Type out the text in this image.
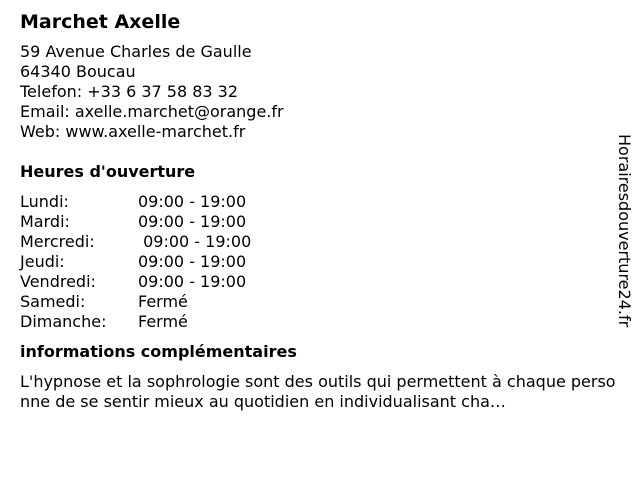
Marchet Axelle
59 Avenue Charles de Gaulle
64340 Boucau
Telefon: +33 6 37 58 83 32
Email: axelle.marchet@orange.fr
Web: www.axelle-marchet.fr
Heures d'ouverture
Lundi:	09:00 - 19:00
Mardi:	09:00 - 19:00
Mercredi:	09:00 - 19:00
Jeudi:	09:00 - 19:00
Vendredi:	09:00 - 19:00
Samedi:	Fermé
Dimanche:	Fermé
informations complémentaires
L'hypnose et la sophrologie sont des outils qui permettent à chaque personne de se sentir mieux au quotidien en individualisant cha…
Horairesdouverture24.fr
